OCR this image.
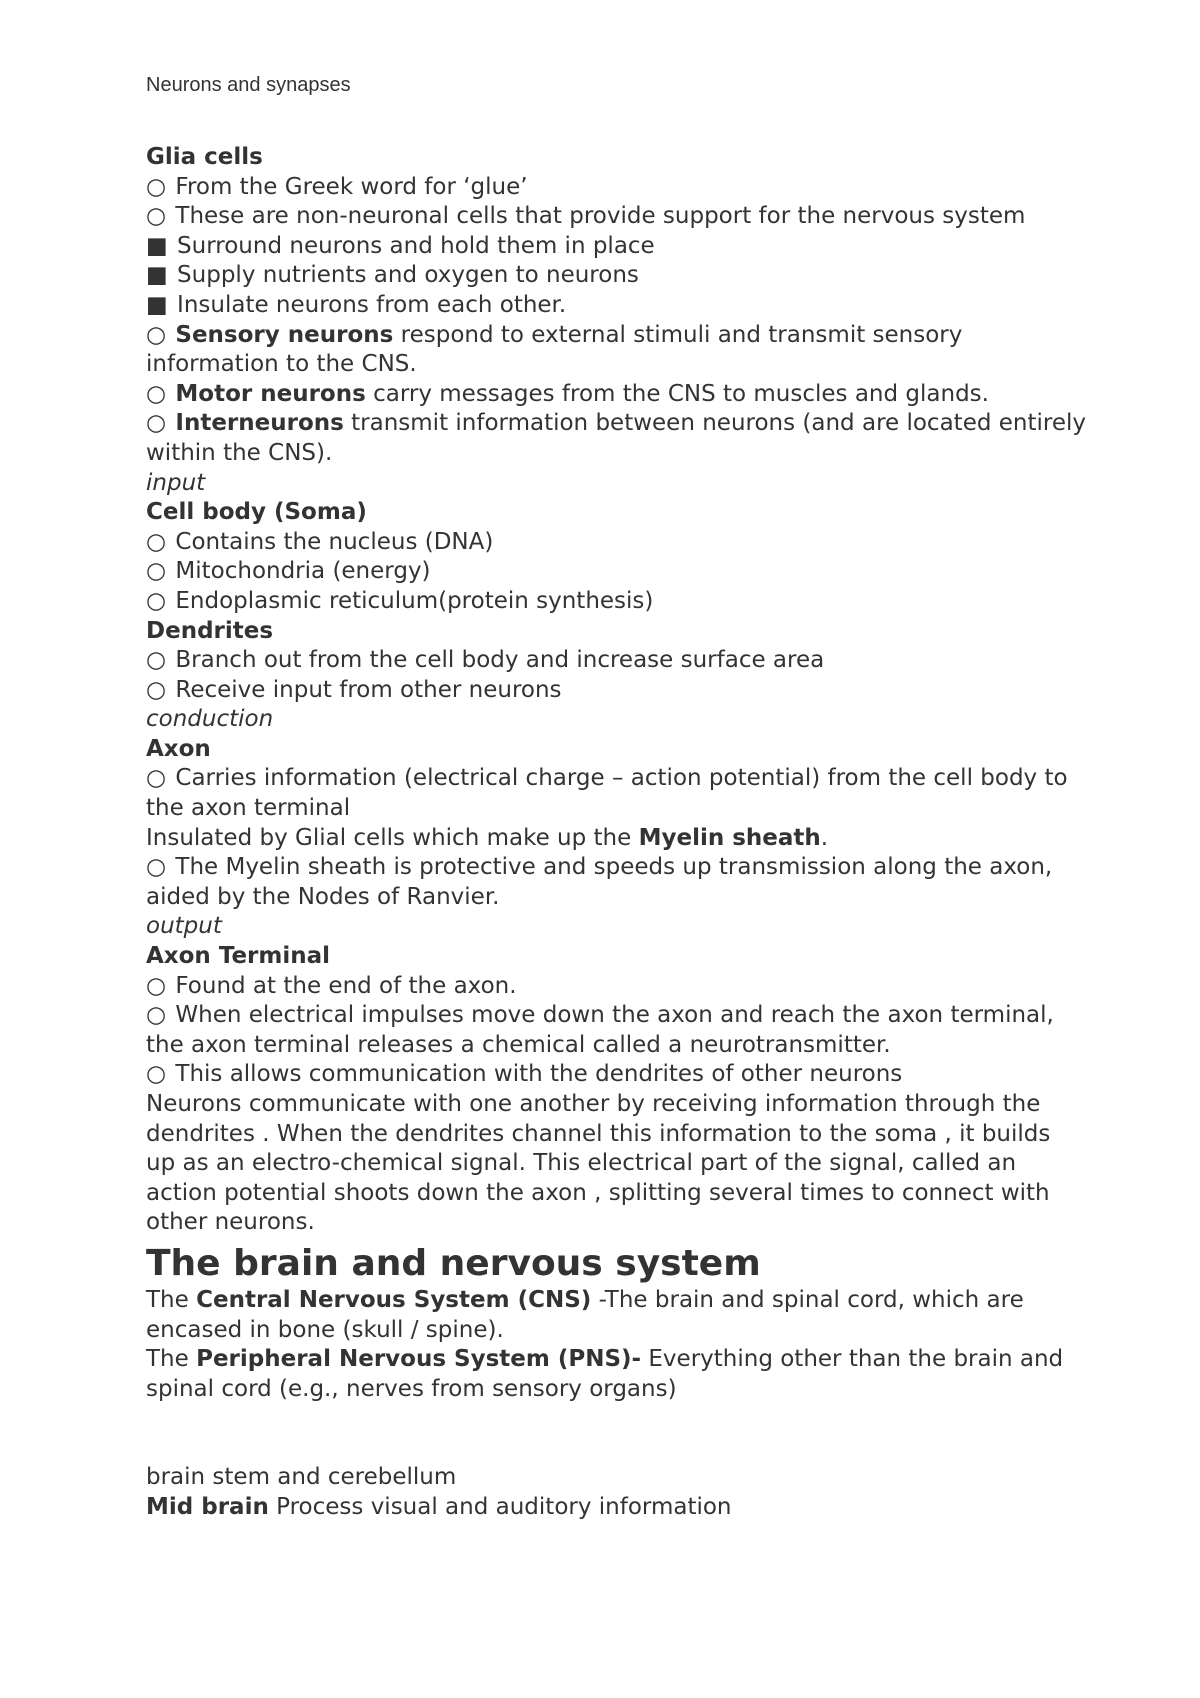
Neurons and synapses
Glia cells
○ From the Greek word for ‘glue’
○ These are non-neuronal cells that provide support for the nervous system
■ Surround neurons and hold them in place
■ Supply nutrients and oxygen to neurons
■ Insulate neurons from each other.
○ Sensory neurons respond to external stimuli and transmit sensory information to the CNS.
○ Motor neurons carry messages from the CNS to muscles and glands.
○ Interneurons transmit information between neurons (and are located entirely within the CNS).
input
Cell body (Soma)
○ Contains the nucleus (DNA)
○ Mitochondria (energy)
○ Endoplasmic reticulum(protein synthesis)
Dendrites
○ Branch out from the cell body and increase surface area
○ Receive input from other neurons
conduction
Axon
○ Carries information (electrical charge – action potential) from the cell body to the axon terminal
Insulated by Glial cells which make up the Myelin sheath.
○ The Myelin sheath is protective and speeds up transmission along the axon, aided by the Nodes of Ranvier.
output
Axon Terminal
○ Found at the end of the axon.
○ When electrical impulses move down the axon and reach the axon terminal, the axon terminal releases a chemical called a neurotransmitter.
○ This allows communication with the dendrites of other neurons
Neurons communicate with one another by receiving information through the dendrites . When the dendrites channel this information to the soma , it builds up as an electro-chemical signal. This electrical part of the signal, called an action potential shoots down the axon , splitting several times to connect with other neurons.
The brain and nervous system
The Central Nervous System (CNS) -The brain and spinal cord, which are encased in bone (skull / spine).
The Peripheral Nervous System (PNS)- Everything other than the brain and spinal cord (e.g., nerves from sensory organs)
brain stem and cerebellum
Mid brain Process visual and auditory information
